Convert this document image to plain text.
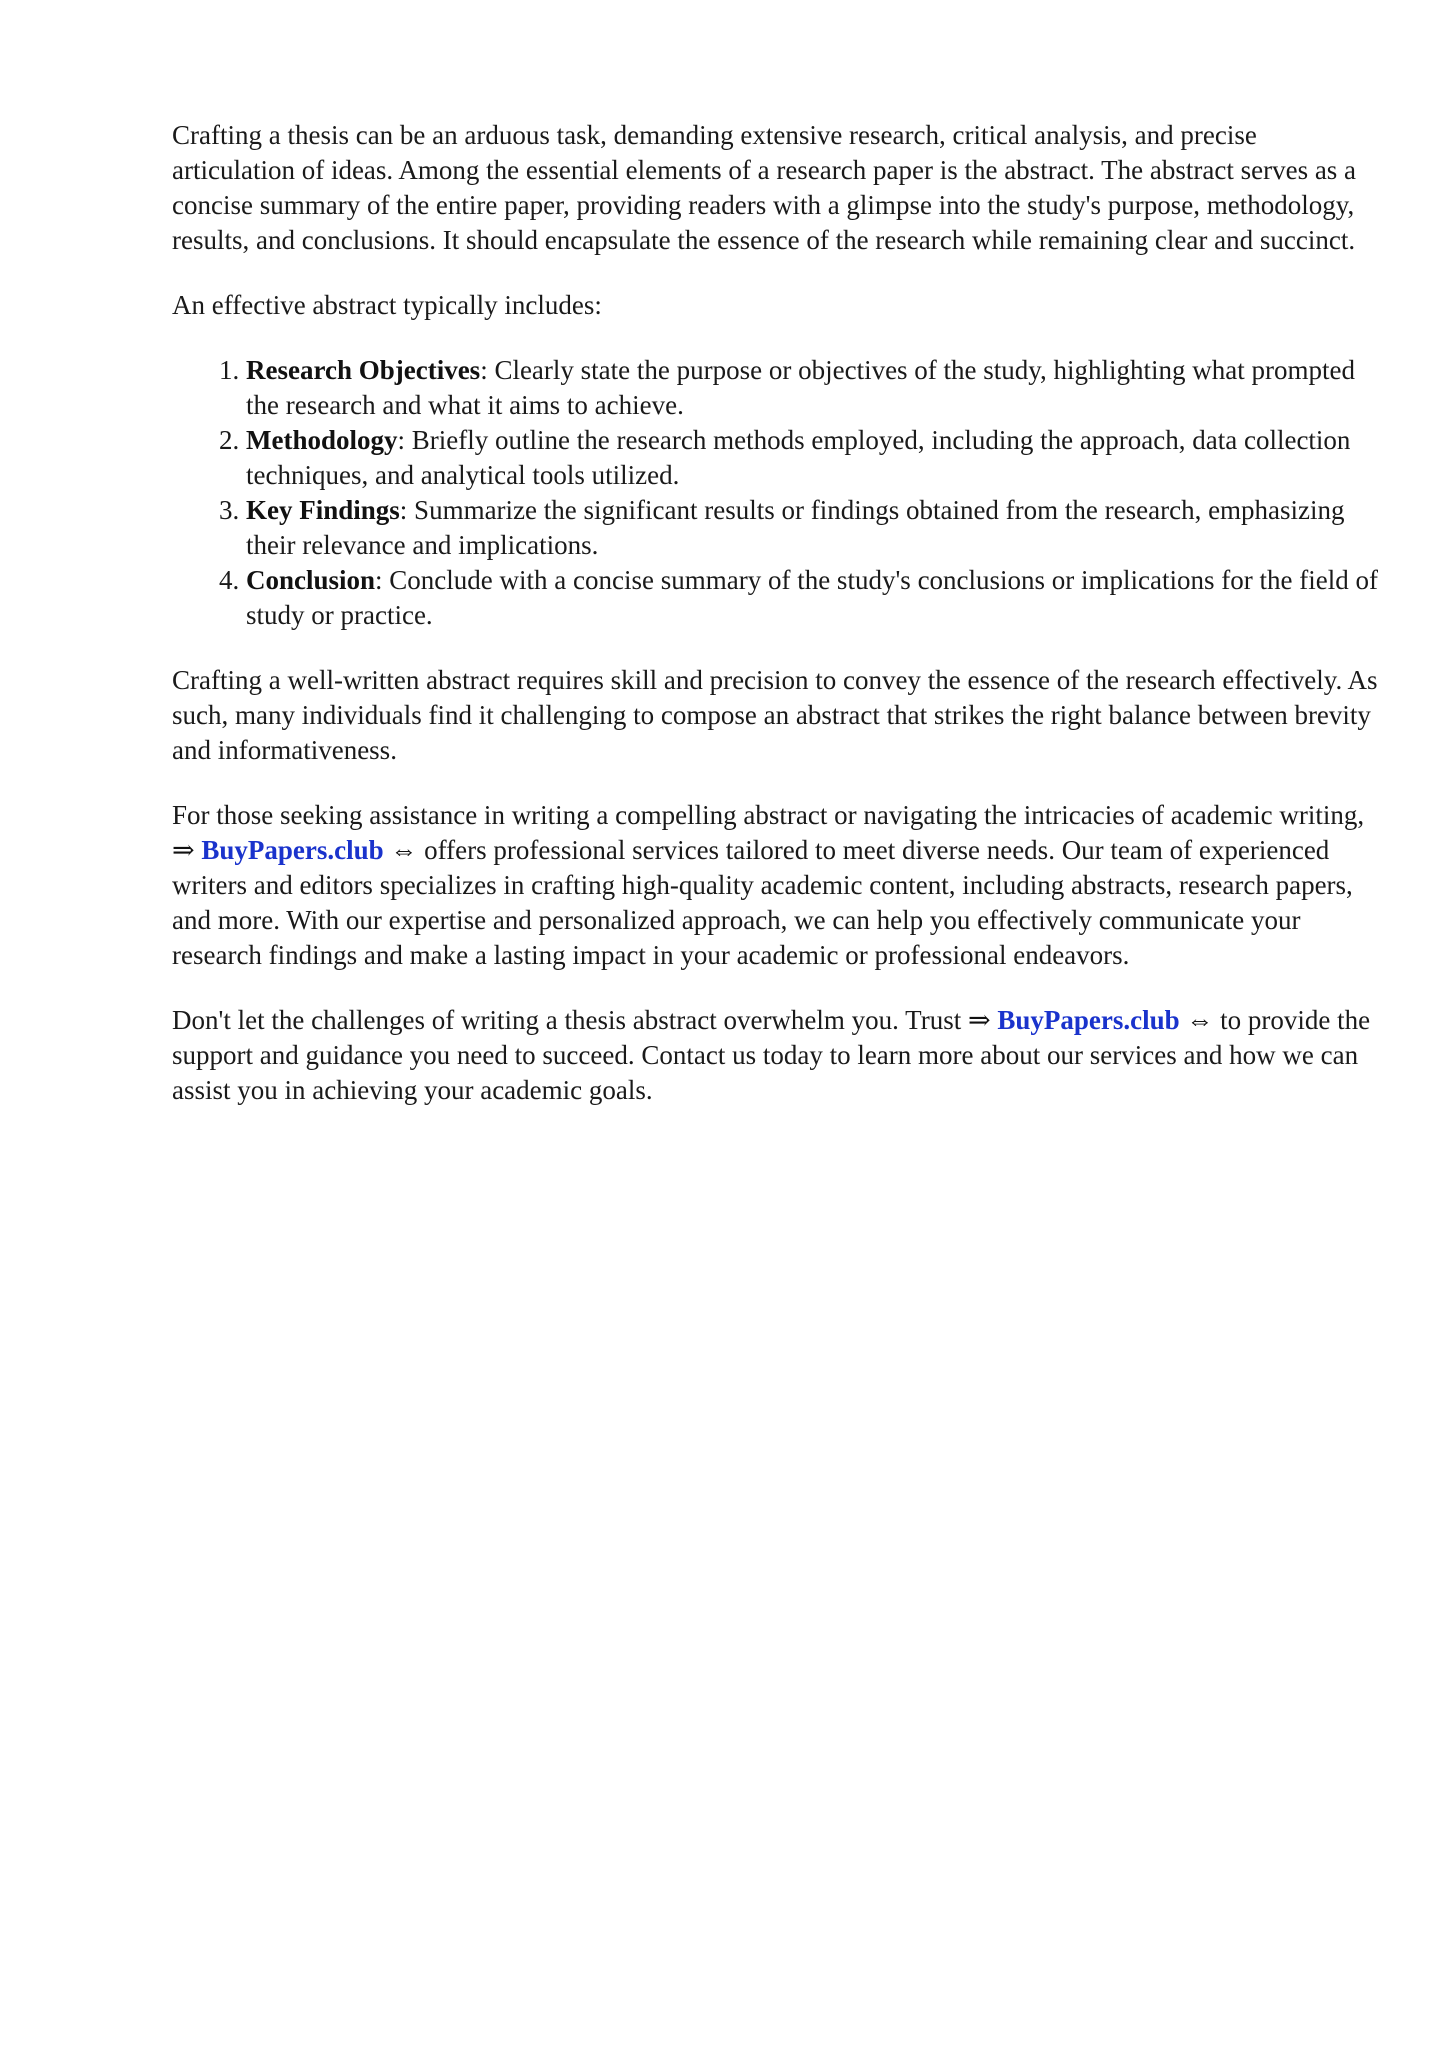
Crafting a thesis can be an arduous task, demanding extensive research, critical analysis, and precise articulation of ideas. Among the essential elements of a research paper is the abstract. The abstract serves as a concise summary of the entire paper, providing readers with a glimpse into the study's purpose, methodology, results, and conclusions. It should encapsulate the essence of the research while remaining clear and succinct.

An effective abstract typically includes:

1. Research Objectives: Clearly state the purpose or objectives of the study, highlighting what prompted the research and what it aims to achieve.
2. Methodology: Briefly outline the research methods employed, including the approach, data collection techniques, and analytical tools utilized.
3. Key Findings: Summarize the significant results or findings obtained from the research, emphasizing their relevance and implications.
4. Conclusion: Conclude with a concise summary of the study's conclusions or implications for the field of study or practice.

Crafting a well-written abstract requires skill and precision to convey the essence of the research effectively. As such, many individuals find it challenging to compose an abstract that strikes the right balance between brevity and informativeness.

For those seeking assistance in writing a compelling abstract or navigating the intricacies of academic writing, ⇒ BuyPapers.club ⇔ offers professional services tailored to meet diverse needs. Our team of experienced writers and editors specializes in crafting high-quality academic content, including abstracts, research papers, and more. With our expertise and personalized approach, we can help you effectively communicate your research findings and make a lasting impact in your academic or professional endeavors.

Don't let the challenges of writing a thesis abstract overwhelm you. Trust ⇒ BuyPapers.club ⇔ to provide the support and guidance you need to succeed. Contact us today to learn more about our services and how we can assist you in achieving your academic goals.
